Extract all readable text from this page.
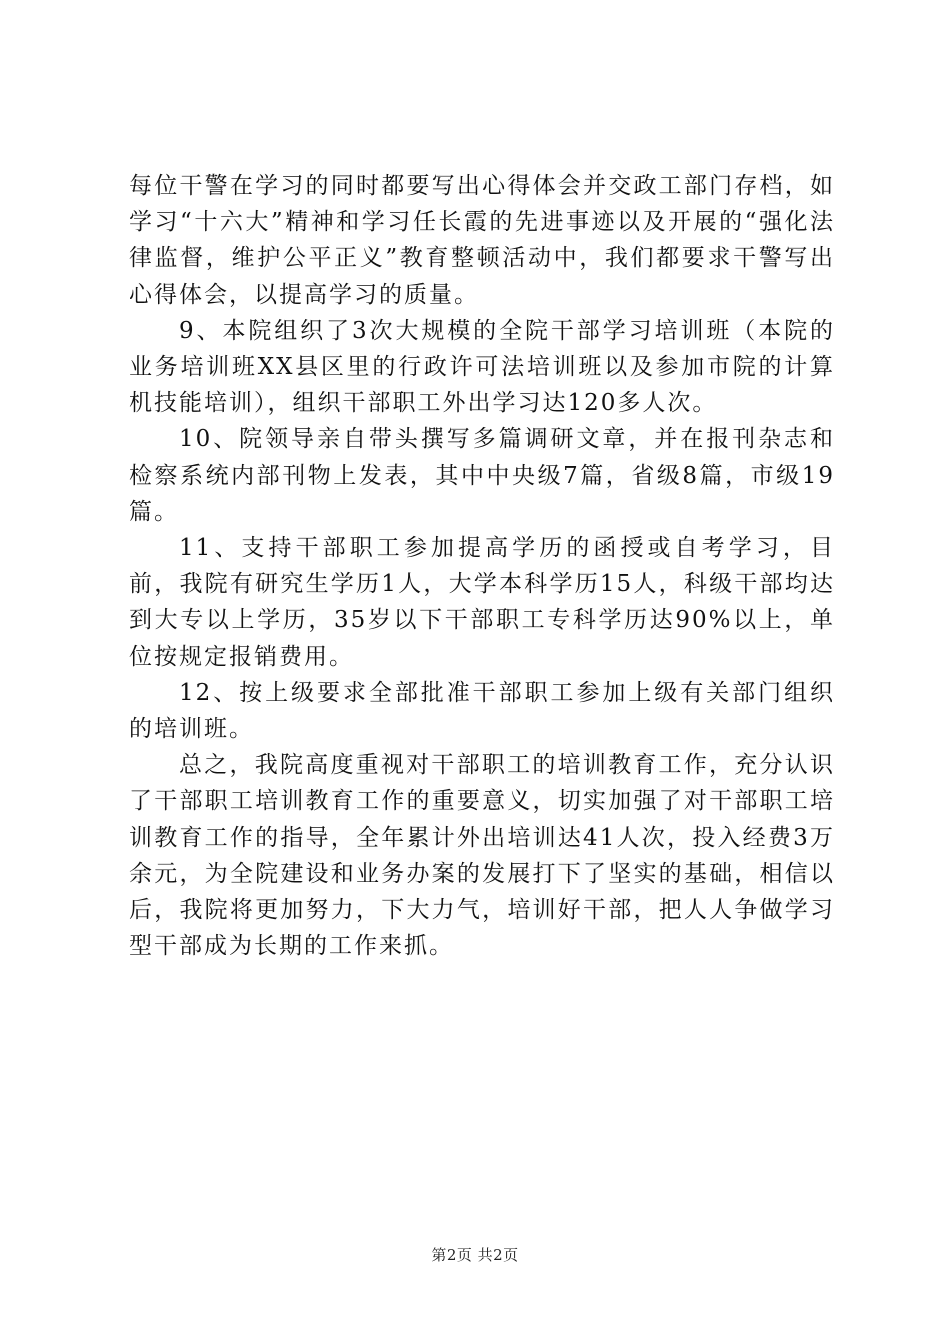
每位干警在学习的同时都要写出心得体会并交政工部门存档，如学习“十六大”精神和学习任长霞的先进事迹以及开展的“强化法律监督，维护公平正义”教育整顿活动中，我们都要求干警写出心得体会，以提高学习的质量。

9、本院组织了3次大规模的全院干部学习培训班（本院的业务培训班XX县区里的行政许可法培训班以及参加市院的计算机技能培训），组织干部职工外出学习达120多人次。

10、院领导亲自带头撰写多篇调研文章，并在报刊杂志和检察系统内部刊物上发表，其中中央级7篇，省级8篇，市级19篇。

11、支持干部职工参加提高学历的函授或自考学习，目前，我院有研究生学历1人，大学本科学历15人，科级干部均达到大专以上学历，35岁以下干部职工专科学历达90%以上，单位按规定报销费用。

12、按上级要求全部批准干部职工参加上级有关部门组织的培训班。

总之，我院高度重视对干部职工的培训教育工作，充分认识了干部职工培训教育工作的重要意义，切实加强了对干部职工培训教育工作的指导，全年累计外出培训达41人次，投入经费3万余元，为全院建设和业务办案的发展打下了坚实的基础，相信以后，我院将更加努力，下大力气，培训好干部，把人人争做学习型干部成为长期的工作来抓。

第2页 共2页
